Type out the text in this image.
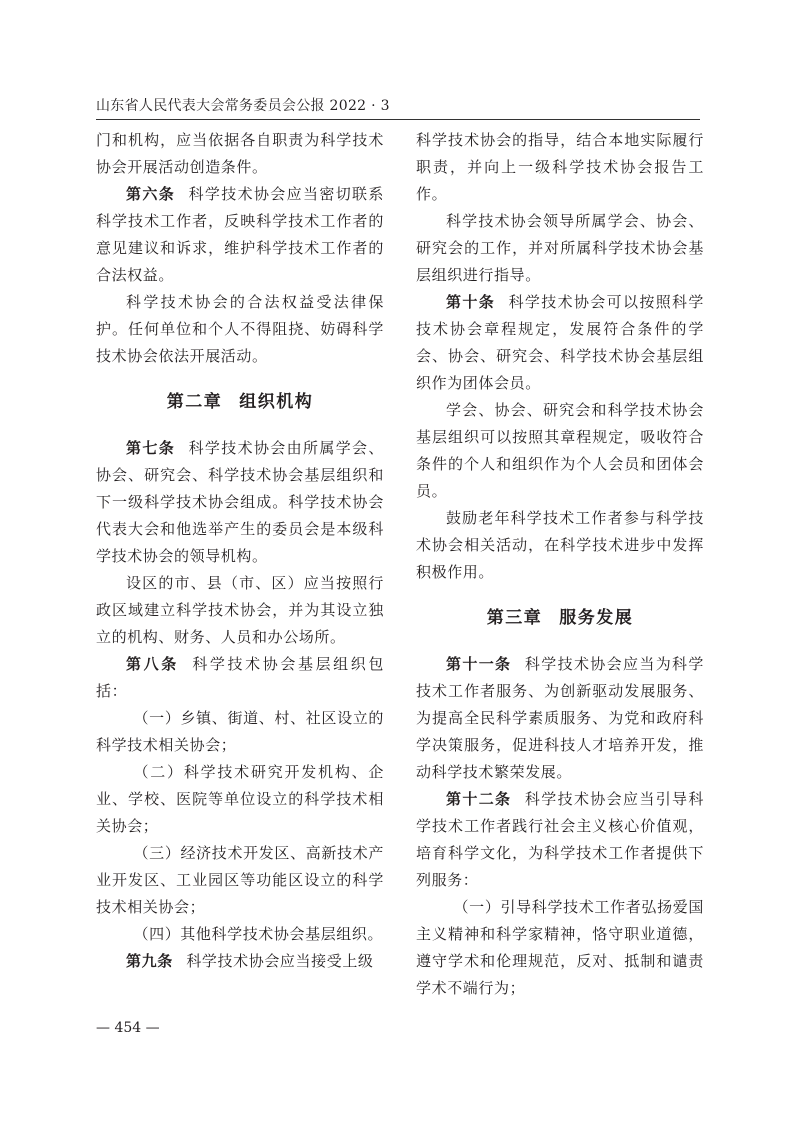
山东省人民代表大会常务委员会公报 2022 · 3

门和机构，应当依据各自职责为科学技术协会开展活动创造条件。

第六条 科学技术协会应当密切联系科学技术工作者，反映科学技术工作者的意见建议和诉求，维护科学技术工作者的合法权益。

科学技术协会的合法权益受法律保护。任何单位和个人不得阻挠、妨碍科学技术协会依法开展活动。

第二章 组织机构

第七条 科学技术协会由所属学会、协会、研究会、科学技术协会基层组织和下一级科学技术协会组成。科学技术协会代表大会和他选举产生的委员会是本级科学技术协会的领导机构。

设区的市、县（市、区）应当按照行政区域建立科学技术协会，并为其设立独立的机构、财务、人员和办公场所。

第八条 科学技术协会基层组织包括：

（一）乡镇、街道、村、社区设立的科学技术相关协会；

（二）科学技术研究开发机构、企业、学校、医院等单位设立的科学技术相关协会；

（三）经济技术开发区、高新技术产业开发区、工业园区等功能区设立的科学技术相关协会；

（四）其他科学技术协会基层组织。

第九条 科学技术协会应当接受上级

科学技术协会的指导，结合本地实际履行职责，并向上一级科学技术协会报告工作。

科学技术协会领导所属学会、协会、研究会的工作，并对所属科学技术协会基层组织进行指导。

第十条 科学技术协会可以按照科学技术协会章程规定，发展符合条件的学会、协会、研究会、科学技术协会基层组织作为团体会员。

学会、协会、研究会和科学技术协会基层组织可以按照其章程规定，吸收符合条件的个人和组织作为个人会员和团体会员。

鼓励老年科学技术工作者参与科学技术协会相关活动，在科学技术进步中发挥积极作用。

第三章 服务发展

第十一条 科学技术协会应当为科学技术工作者服务、为创新驱动发展服务、为提高全民科学素质服务、为党和政府科学决策服务，促进科技人才培养开发，推动科学技术繁荣发展。

第十二条 科学技术协会应当引导科学技术工作者践行社会主义核心价值观，培育科学文化，为科学技术工作者提供下列服务：

（一）引导科学技术工作者弘扬爱国主义精神和科学家精神，恪守职业道德，遵守学术和伦理规范，反对、抵制和谴责学术不端行为；

— 454 —
